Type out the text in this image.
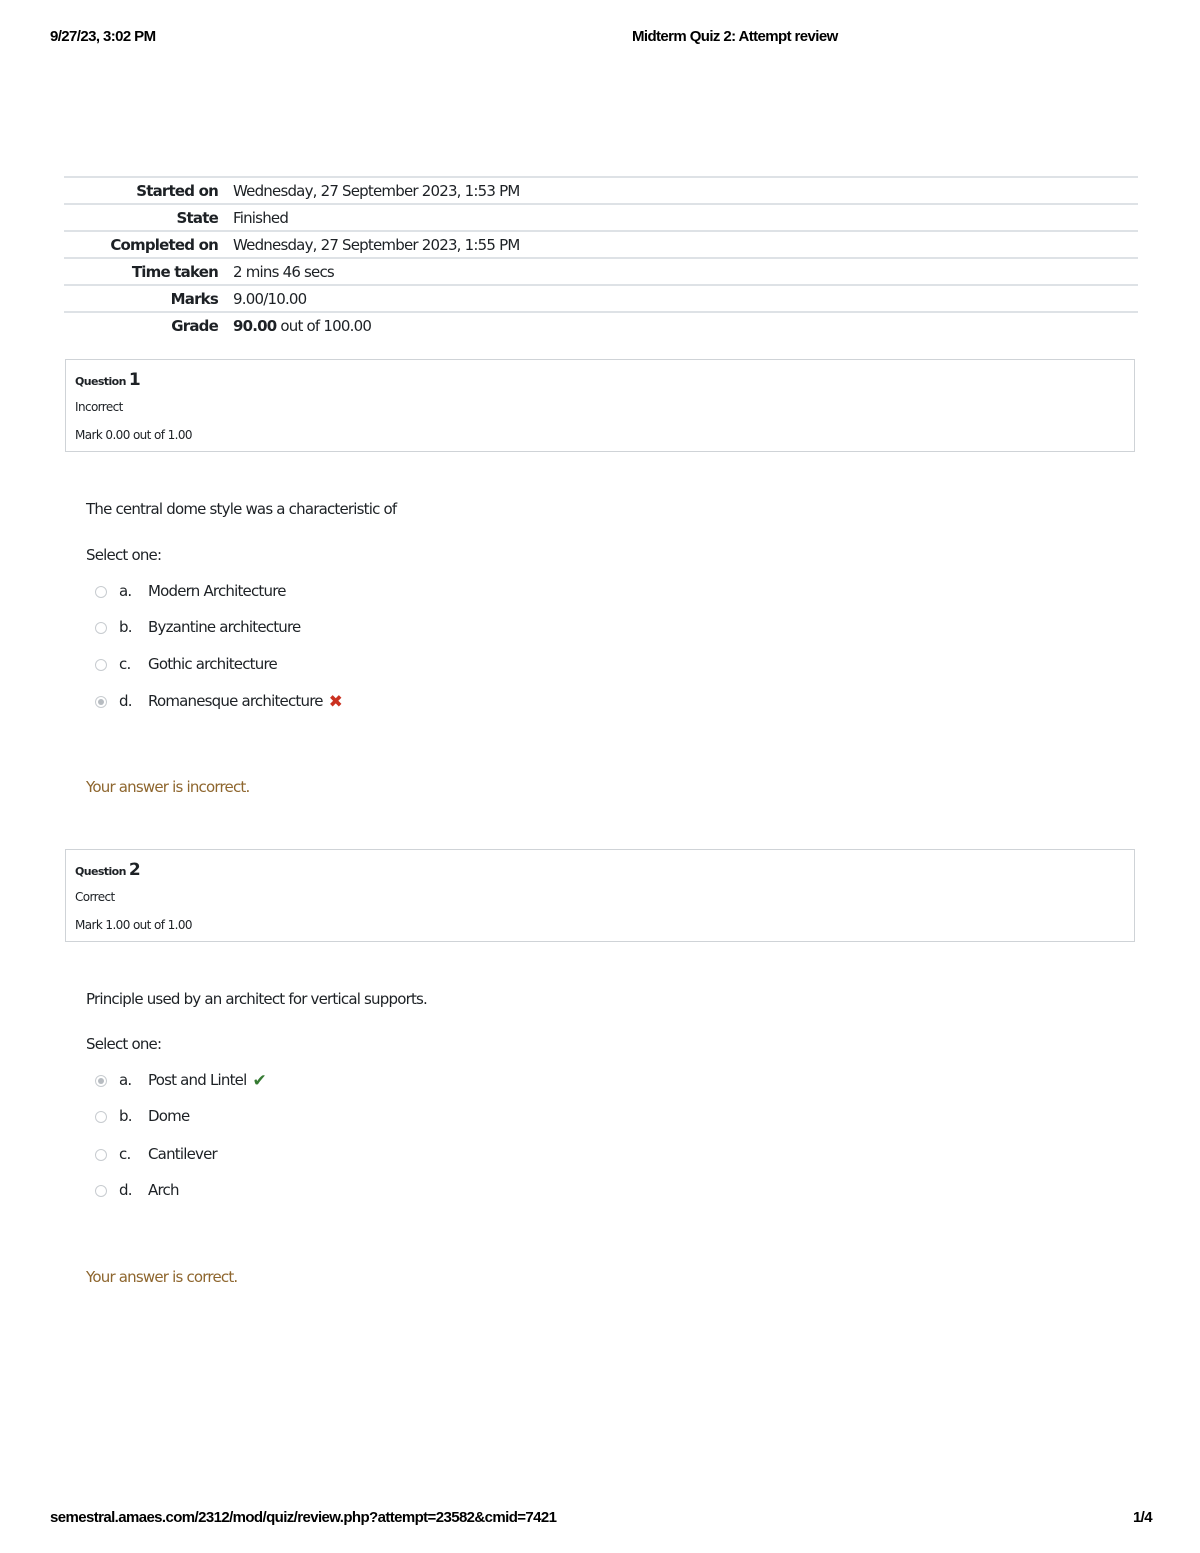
9/27/23, 3:02 PM	Midterm Quiz 2: Attempt review
Started on	Wednesday, 27 September 2023, 1:53 PM
State	Finished
Completed on	Wednesday, 27 September 2023, 1:55 PM
Time taken	2 mins 46 secs
Marks	9.00/10.00
Grade	90.00 out of 100.00
Question 1
Incorrect
Mark 0.00 out of 1.00
The central dome style was a characteristic of
Select one:
a. Modern Architecture
b. Byzantine architecture
c. Gothic architecture
d. Romanesque architecture ✖
Your answer is incorrect.
Question 2
Correct
Mark 1.00 out of 1.00
Principle used by an architect for vertical supports.
Select one:
a. Post and Lintel ✔
b. Dome
c. Cantilever
d. Arch
Your answer is correct.
semestral.amaes.com/2312/mod/quiz/review.php?attempt=23582&cmid=7421	1/4
